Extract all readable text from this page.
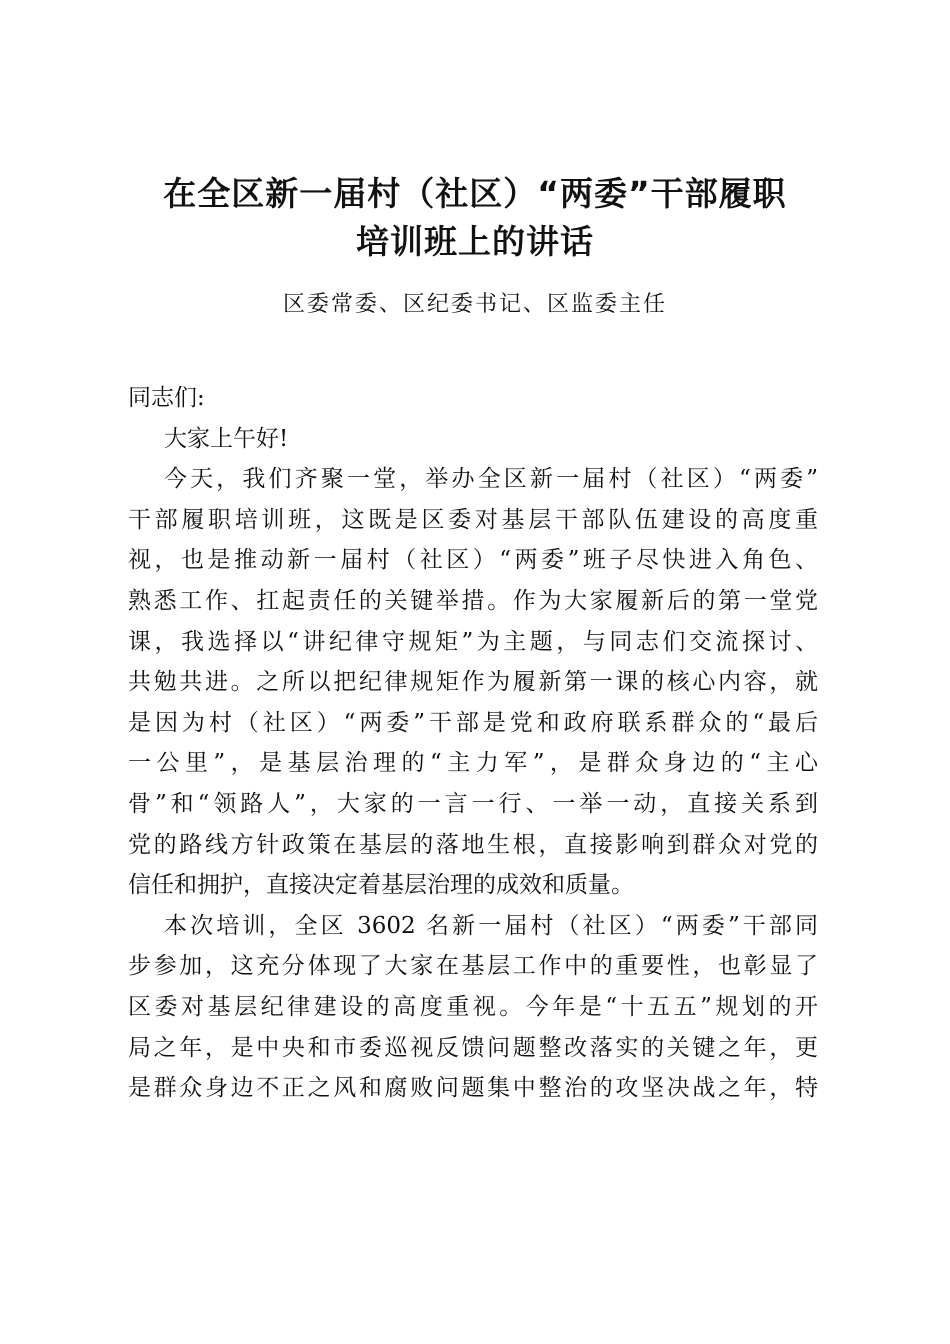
在全区新一届村（社区）“两委”干部履职
培训班上的讲话

区委常委、区纪委书记、区监委主任

同志们:
大家上午好!
今天，我们齐聚一堂，举办全区新一届村（社区）“两委”
干部履职培训班，这既是区委对基层干部队伍建设的高度重
视，也是推动新一届村（社区）“两委”班子尽快进入角色、
熟悉工作、扛起责任的关键举措。作为大家履新后的第一堂党
课，我选择以“讲纪律守规矩”为主题，与同志们交流探讨、
共勉共进。之所以把纪律规矩作为履新第一课的核心内容，就
是因为村（社区）“两委”干部是党和政府联系群众的“最后
一公里”，是基层治理的“主力军”，是群众身边的“主心
骨”和“领路人”，大家的一言一行、一举一动，直接关系到
党的路线方针政策在基层的落地生根，直接影响到群众对党的
信任和拥护，直接决定着基层治理的成效和质量。
本次培训，全区 3602 名新一届村（社区）“两委”干部同
步参加，这充分体现了大家在基层工作中的重要性，也彰显了
区委对基层纪律建设的高度重视。今年是“十五五”规划的开
局之年，是中央和市委巡视反馈问题整改落实的关键之年，更
是群众身边不正之风和腐败问题集中整治的攻坚决战之年，特
